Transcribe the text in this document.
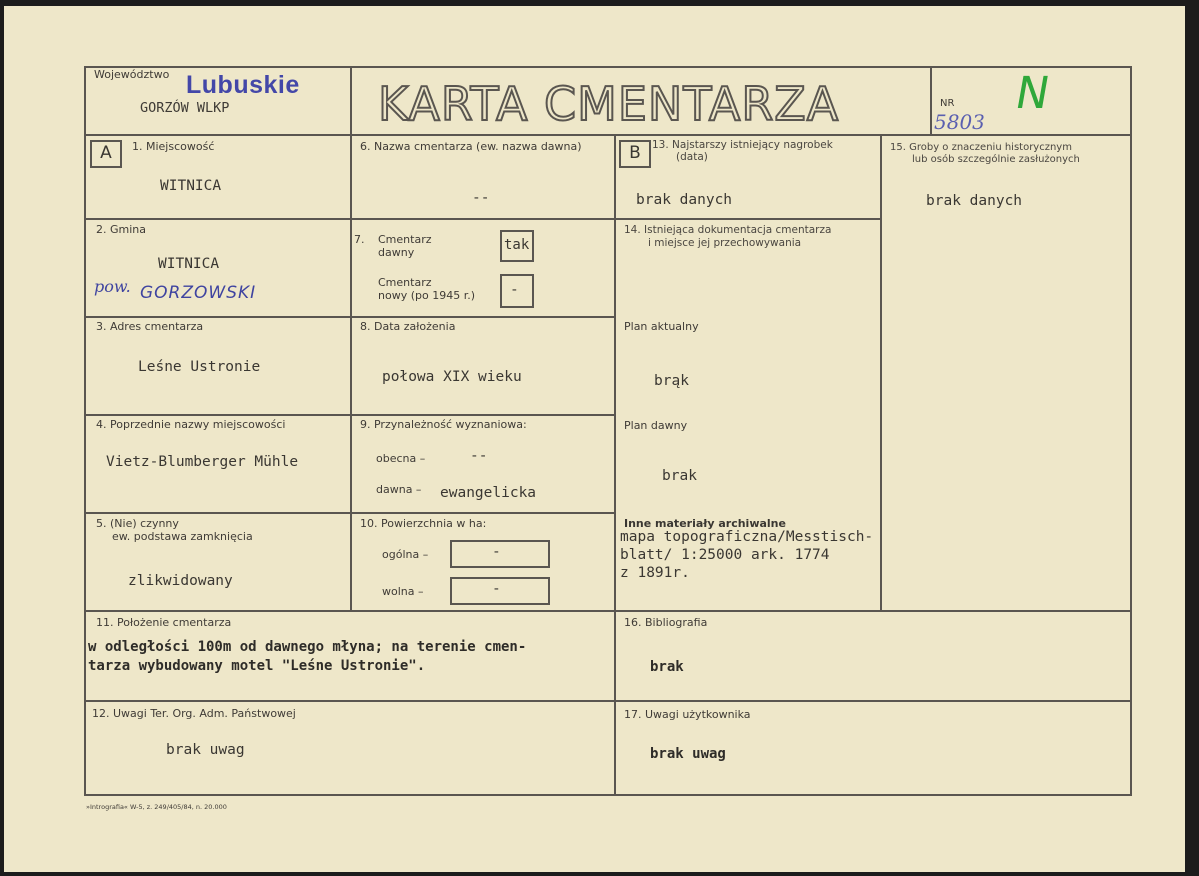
Województwo Lubuskie
GORZÓW WLKP	KARTA CMENTARZA	NR
5803
N
A	B
1. Miejscowość
WITNICA
2. Gmina
WITNICA
pow. GORZOWSKI
3. Adres cmentarza
Leśne Ustronie
4. Poprzednie nazwy miejscowości
Vietz-Blumberger Mühle
5. (Nie) czynny
ew. podstawa zamknięcia
zlikwidowany
6. Nazwa cmentarza (ew. nazwa dawna)
--
7. Cmentarz
dawny	tak
Cmentarz
nowy (po 1945 r.) -
8. Data założenia
połowa XIX wieku
9. Przynależność wyznaniowa:
obecna –	--
dawna – ewangelicka
10. Powierzchnia w ha:
ogólna –	-
wolna –	-
11. Położenie cmentarza
w odległości 100m od dawnego młyna; na terenie cmen-
tarza wybudowany motel "Leśne Ustronie".
12. Uwagi Ter. Org. Adm. Państwowej
brak uwag
13. Najstarszy istniejący nagrobek
(data)
brak danych
14. Istniejąca dokumentacja cmentarza
i miejsce jej przechowywania
Plan aktualny
brąk
Plan dawny
brak
Inne materiały archiwalne
mapa topograficzna/Messtisch-
blatt/ 1:25000 ark. 1774
z 1891r.
15. Groby o znaczeniu historycznym
lub osób szczególnie zasłużonych
brak danych
16. Bibliografia
brak
17. Uwagi użytkownika
brak uwag
»Intrografia« W-5, z. 249/405/84, n. 20.000
